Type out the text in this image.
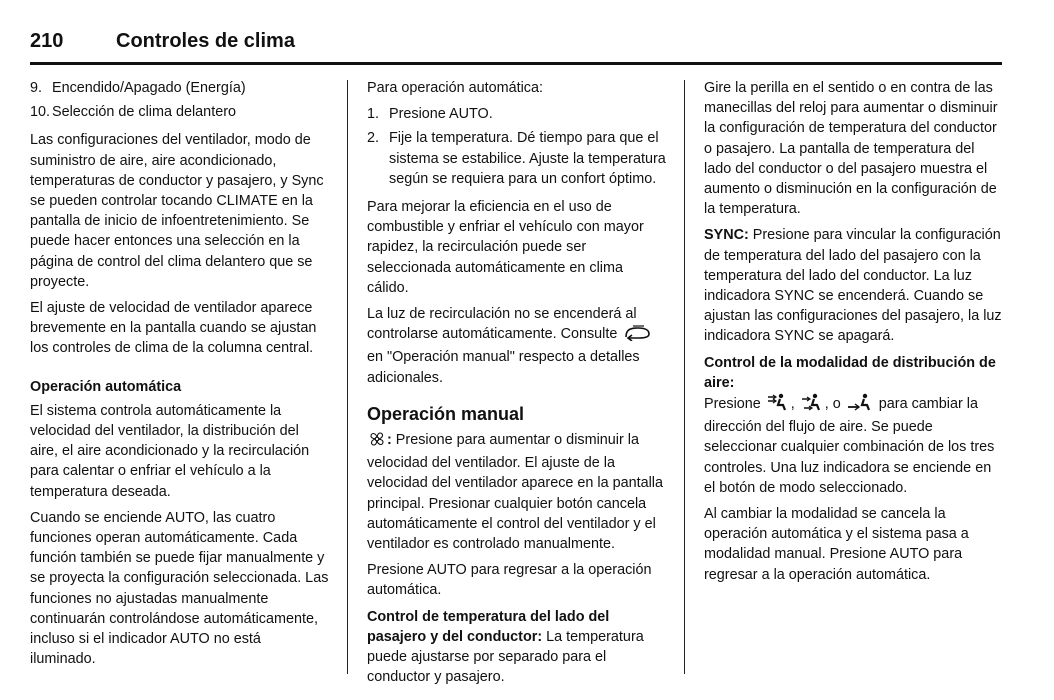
210	Controles de clima
9. Encendido/Apagado (Energía)
10. Selección de clima delantero

Las configuraciones del ventilador, modo de suministro de aire, aire acondicionado, temperaturas de conductor y pasajero, y Sync se pueden controlar tocando CLIMATE en la pantalla de inicio de infoentretenimiento. Se puede hacer entonces una selección en la página de control del clima delantero que se proyecte.

El ajuste de velocidad de ventilador aparece brevemente en la pantalla cuando se ajustan los controles de clima de la columna central.

Operación automática

El sistema controla automáticamente la velocidad del ventilador, la distribución del aire, el aire acondicionado y la recirculación para calentar o enfriar el vehículo a la temperatura deseada.

Cuando se enciende AUTO, las cuatro funciones operan automáticamente. Cada función también se puede fijar manualmente y se proyecta la configuración seleccionada. Las funciones no ajustadas manualmente continuarán controlándose automáticamente, incluso si el indicador AUTO no está iluminado.

Para operación automática:

1. Presione AUTO.
2. Fije la temperatura. Dé tiempo para que el sistema se estabilice. Ajuste la temperatura según se requiera para un confort óptimo.

Para mejorar la eficiencia en el uso de combustible y enfriar el vehículo con mayor rapidez, la recirculación puede ser seleccionada automáticamente en clima cálido.

La luz de recirculación no se encenderá al controlarse automáticamente. Consulte  en "Operación manual" respecto a detalles adicionales.

Operación manual

: Presione para aumentar o disminuir la velocidad del ventilador. El ajuste de la velocidad del ventilador aparece en la pantalla principal. Presionar cualquier botón cancela automáticamente el control del ventilador y el ventilador es controlado manualmente.

Presione AUTO para regresar a la operación automática.

Control de temperatura del lado del pasajero y del conductor: La temperatura puede ajustarse por separado para el conductor y pasajero.

Gire la perilla en el sentido o en contra de las manecillas del reloj para aumentar o disminuir la configuración de temperatura del conductor o pasajero. La pantalla de temperatura del lado del conductor o del pasajero muestra el aumento o disminución en la configuración de la temperatura.

SYNC: Presione para vincular la configuración de temperatura del lado del pasajero con la temperatura del lado del conductor. La luz indicadora SYNC se encenderá. Cuando se ajustan las configuraciones del pasajero, la luz indicadora SYNC se apagará.

Control de la modalidad de distribución de aire:

Presione , , o	para cambiar la dirección del flujo de aire. Se puede seleccionar cualquier combinación de los tres controles. Una luz indicadora se enciende en el botón de modo seleccionado.

Al cambiar la modalidad se cancela la operación automática y el sistema pasa a modalidad manual. Presione AUTO para regresar a la operación automática.
